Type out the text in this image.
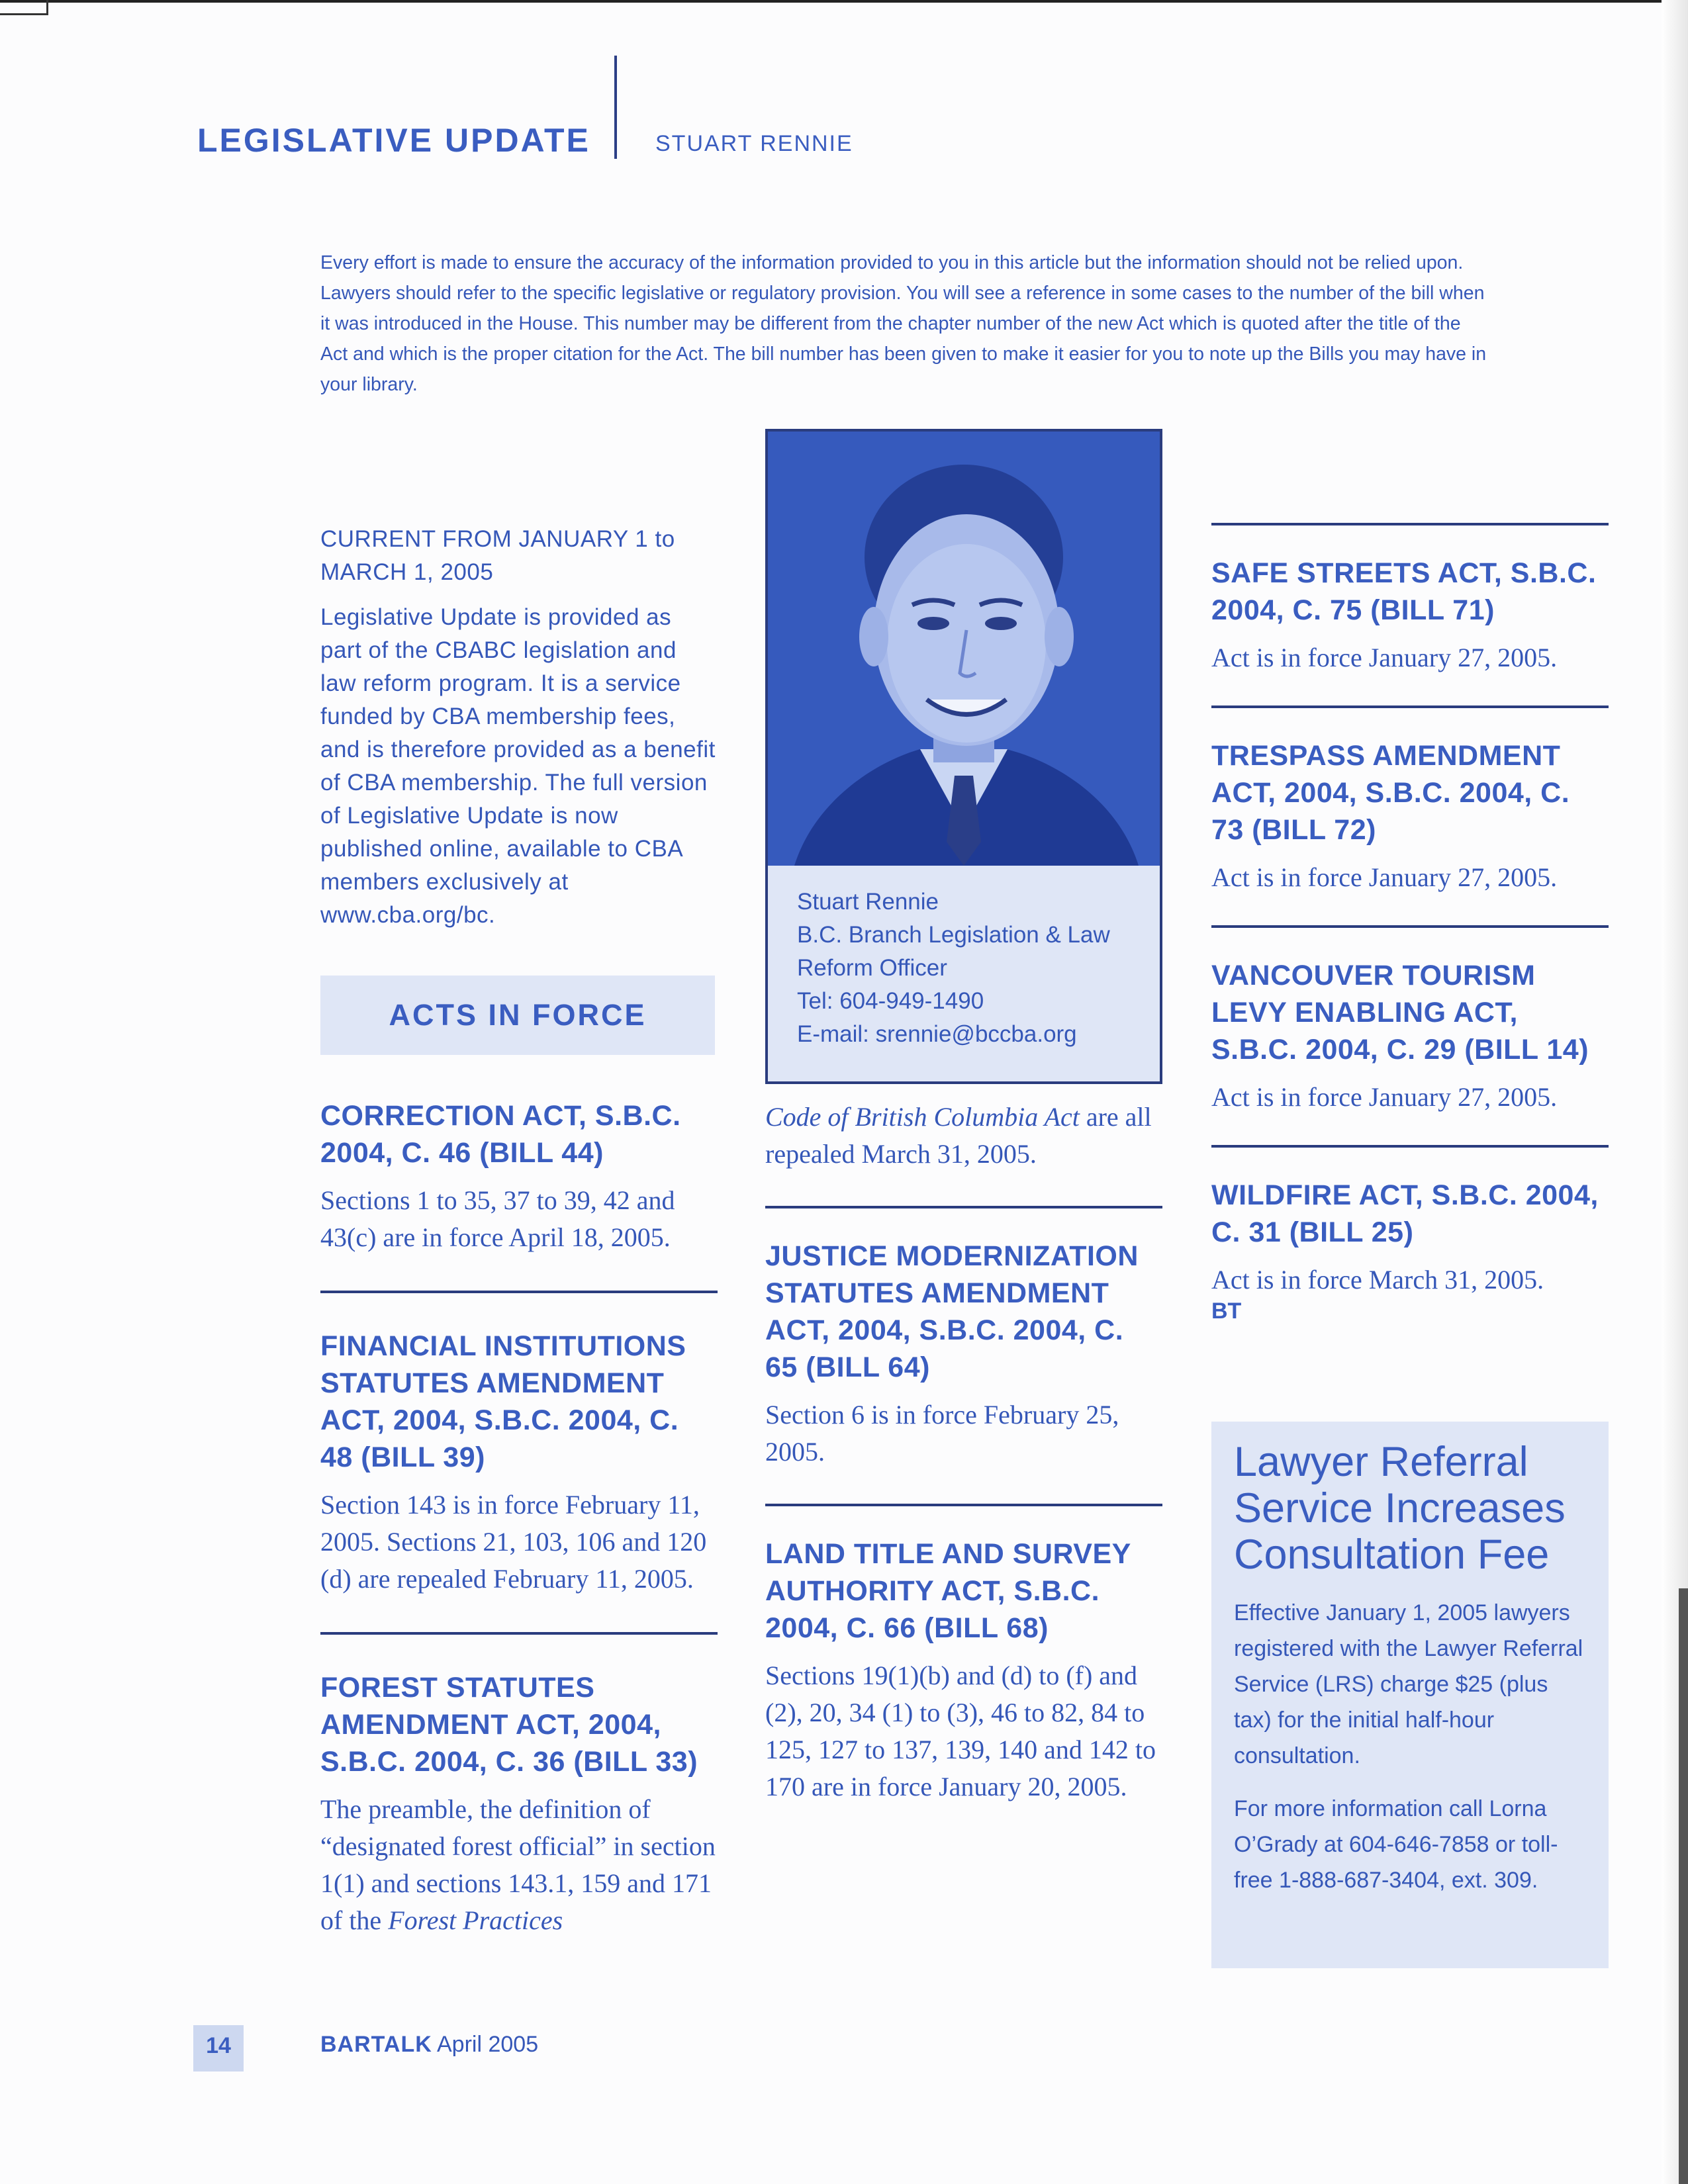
LEGISLATIVE UPDATE	STUART RENNIE
Every effort is made to ensure the accuracy of the information provided to you in this article but the information should not be relied upon. Lawyers should refer to the specific legislative or regulatory provision. You will see a reference in some cases to the number of the bill when it was introduced in the House. This number may be different from the chapter number of the new Act which is quoted after the title of the Act and which is the proper citation for the Act. The bill number has been given to make it easier for you to note up the Bills you may have in your library.
CURRENT FROM JANUARY 1 to MARCH 1, 2005
Legislative Update is provided as part of the CBABC legislation and law reform program. It is a service funded by CBA membership fees, and is therefore provided as a benefit of CBA membership. The full version of Legislative Update is now published online, available to CBA members exclusively at www.cba.org/bc.
ACTS IN FORCE
CORRECTION ACT, S.B.C. 2004, C. 46 (BILL 44)

Sections 1 to 35, 37 to 39, 42 and 43(c) are in force April 18, 2005.

FINANCIAL INSTITUTIONS STATUTES AMENDMENT ACT, 2004, S.B.C. 2004, C. 48 (BILL 39)

Section 143 is in force February 11, 2005. Sections 21, 103, 106 and 120 (d) are repealed February 11, 2005.

FOREST STATUTES AMENDMENT ACT, 2004, S.B.C. 2004, C. 36 (BILL 33)

The preamble, the definition of “designated forest official” in section 1(1) and sections 143.1, 159 and 171 of the Forest Practices

Stuart Rennie
B.C. Branch Legislation & Law
Reform Officer
Tel: 604-949-1490
E-mail: srennie@bccba.org

Code of British Columbia Act are all repealed March 31, 2005.

JUSTICE MODERNIZATION STATUTES AMENDMENT ACT, 2004, S.B.C. 2004, C. 65 (BILL 64)

Section 6 is in force February 25, 2005.

LAND TITLE AND SURVEY AUTHORITY ACT, S.B.C. 2004, C. 66 (BILL 68)

Sections 19(1)(b) and (d) to (f) and (2), 20, 34 (1) to (3), 46 to 82, 84 to 125, 127 to 137, 139, 140 and 142 to 170 are in force January 20, 2005.

SAFE STREETS ACT, S.B.C. 2004, C. 75 (BILL 71)

Act is in force January 27, 2005.

TRESPASS AMENDMENT ACT, 2004, S.B.C. 2004, C. 73 (BILL 72)

Act is in force January 27, 2005.

VANCOUVER TOURISM LEVY ENABLING ACT, S.B.C. 2004, C. 29 (BILL 14)

Act is in force January 27, 2005.

WILDFIRE ACT, S.B.C. 2004, C. 31 (BILL 25)

Act is in force March 31, 2005.

BT
Lawyer Referral Service Increases Consultation Fee

Effective January 1, 2005 lawyers registered with the Lawyer Referral Service (LRS) charge $25 (plus tax) for the initial half-hour consultation.

For more information call Lorna O’Grady at 604-646-7858 or toll-free 1-888-687-3404, ext. 309.

14	BARTALK April 2005
